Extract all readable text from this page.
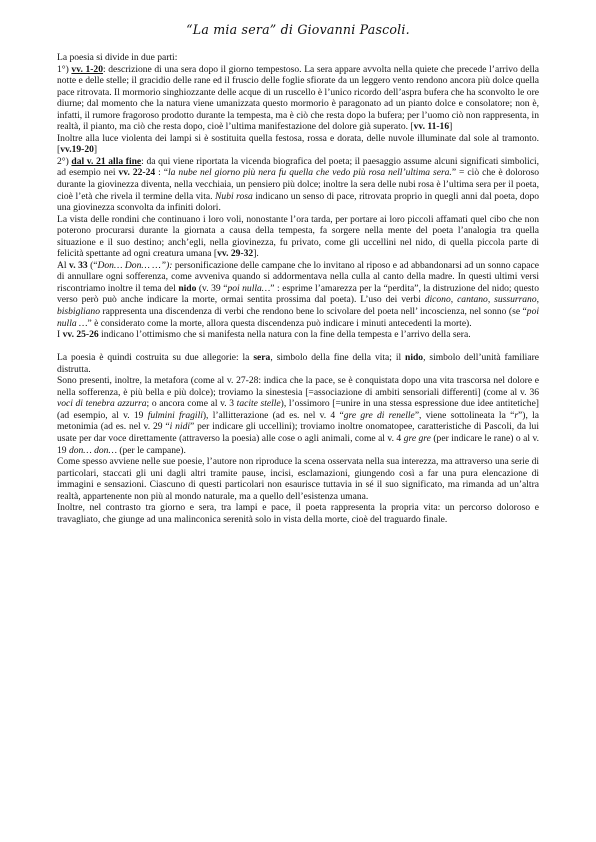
“La mia sera” di Giovanni Pascoli.

La poesia si divide in due parti:

1°) vv. 1-20: descrizione di una sera dopo il giorno tempestoso. La sera appare avvolta nella quiete che precede l’arrivo della notte e delle stelle; il gracidio delle rane ed il fruscio delle foglie sfiorate da un leggero vento rendono ancora più dolce quella pace ritrovata. Il mormorio singhiozzante delle acque di un ruscello è l’unico ricordo dell’aspra bufera che ha sconvolto le ore diurne; dal momento che la natura viene umanizzata questo mormorio è paragonato ad un pianto dolce e consolatore; non è, infatti, il rumore fragoroso prodotto durante la tempesta, ma è ciò che resta dopo la bufera; per l’uomo ciò non rappresenta, in realtà, il pianto, ma ciò che resta dopo, cioè l’ultima manifestazione del dolore già superato. [vv. 11-16]

Inoltre alla luce violenta dei lampi si è sostituita quella festosa, rossa e dorata, delle nuvole illuminate dal sole al tramonto. [vv.19-20]

2°) dal v. 21 alla fine: da qui viene riportata la vicenda biografica del poeta; il paesaggio assume alcuni significati simbolici, ad esempio nei vv. 22-24 : “la nube nel giorno più nera fu quella che vedo più rosa nell’ultima sera.” = ciò che è doloroso durante la giovinezza diventa, nella vecchiaia, un pensiero più dolce; inoltre la sera delle nubi rosa è l’ultima sera per il poeta, cioè l’età che rivela il termine della vita. Nubi rosa indicano un senso di pace, ritrovata proprio in quegli anni dal poeta, dopo una giovinezza sconvolta da infiniti dolori.

La vista delle rondini che continuano i loro voli, nonostante l’ora tarda, per portare ai loro piccoli affamati quel cibo che non poterono procurarsi durante la giornata a causa della tempesta, fa sorgere nella mente del poeta l’analogia tra quella situazione e il suo destino; anch’egli, nella giovinezza, fu privato, come gli uccellini nel nido, di quella piccola parte di felicità spettante ad ogni creatura umana [vv. 29-32].

Al v. 33 (“Don… Don… …”): personificazione delle campane che lo invitano al riposo e ad abbandonarsi ad un sonno capace di annullare ogni sofferenza, come avveniva quando si addormentava nella culla al canto della madre. In questi ultimi versi riscontriamo inoltre il tema del nido (v. 39 “poi nulla…” : esprime l’amarezza per la “perdita”, la distruzione del nido; questo verso però può anche indicare la morte, ormai sentita prossima dal poeta). L’uso dei verbi dicono, cantano, sussurrano, bisbigliano rappresenta una discendenza di verbi che rendono bene lo scivolare del poeta nell’ incoscienza, nel sonno (se “poi nulla …” è considerato come la morte, allora questa discendenza può indicare i minuti antecedenti la morte).

I vv. 25-26 indicano l’ottimismo che si manifesta nella natura con la fine della tempesta e l’arrivo della sera.

La poesia è quindi costruita su due allegorie: la sera, simbolo della fine della vita; il nido, simbolo dell’unità familiare distrutta.

Sono presenti, inoltre, la metafora (come al v. 27-28: indica che la pace, se è conquistata dopo una vita trascorsa nel dolore e nella sofferenza, è più bella e più dolce); troviamo la sinestesia [=associazione di ambiti sensoriali differenti] (come al v. 36 voci di tenebra azzurra; o ancora come al v. 3 tacite stelle), l’ossimoro [=unire in una stessa espressione due idee antitetiche] (ad esempio, al v. 19 fulmini fragili), l’allitterazione (ad es. nel v. 4 “gre gre di renelle”, viene sottolineata la “r”), la metonimia (ad es. nel v. 29 “i nidi” per indicare gli uccellini); troviamo inoltre onomatopee, caratteristiche di Pascoli, da lui usate per dar voce direttamente (attraverso la poesia) alle cose o agli animali, come al v. 4 gre gre (per indicare le rane) o al v. 19 don… don… (per le campane).

Come spesso avviene nelle sue poesie, l’autore non riproduce la scena osservata nella sua interezza, ma attraverso una serie di particolari, staccati gli uni dagli altri tramite pause, incisi, esclamazioni, giungendo così a far una pura elencazione di immagini e sensazioni. Ciascuno di questi particolari non esaurisce tuttavia in sé il suo significato, ma rimanda ad un’altra realtà, appartenente non più al mondo naturale, ma a quello dell’esistenza umana.

Inoltre, nel contrasto tra giorno e sera, tra lampi e pace, il poeta rappresenta la propria vita: un percorso doloroso e travagliato, che giunge ad una malinconica serenità solo in vista della morte, cioè del traguardo finale.
